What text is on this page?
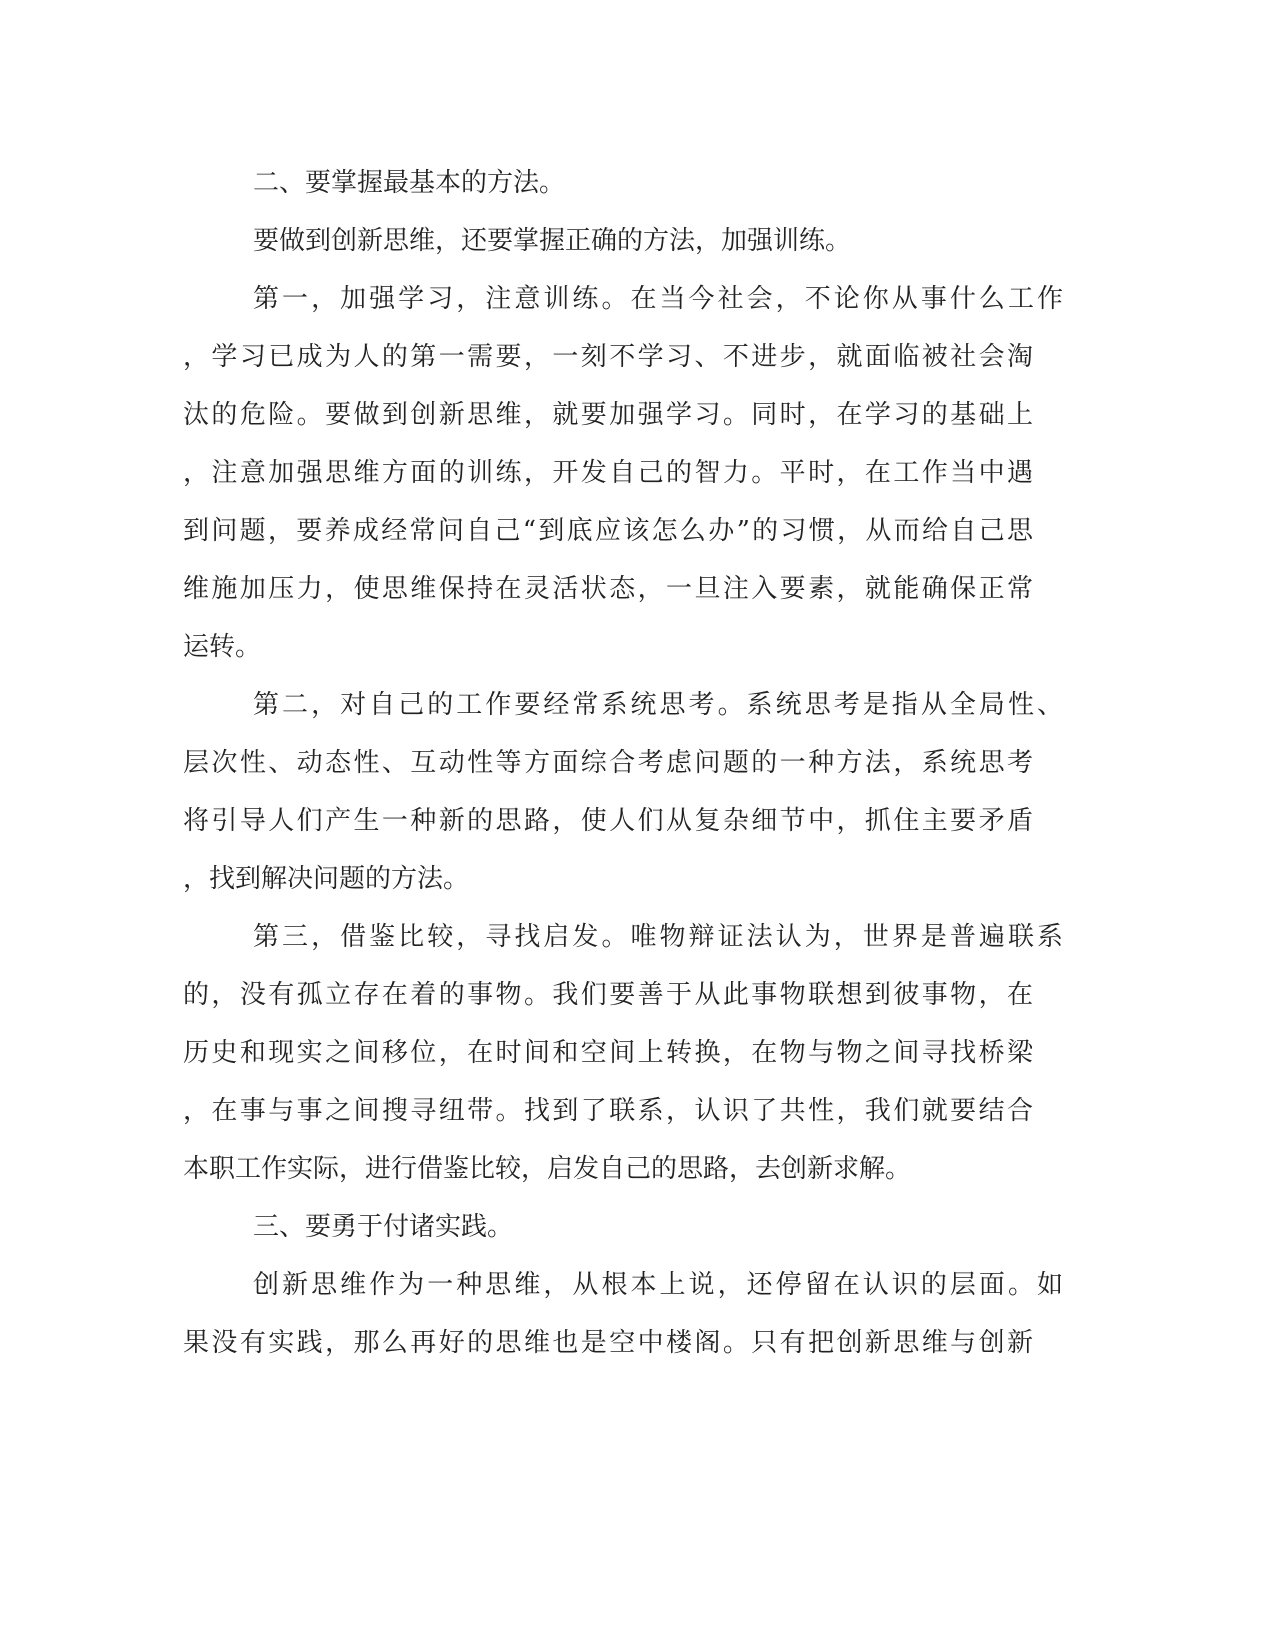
二、要掌握最基本的方法。
要做到创新思维，还要掌握正确的方法，加强训练。
第一，加强学习，注意训练。在当今社会，不论你从事什么工作
，学习已成为人的第一需要，一刻不学习、不进步，就面临被社会淘
汰的危险。要做到创新思维，就要加强学习。同时，在学习的基础上
，注意加强思维方面的训练，开发自己的智力。平时，在工作当中遇
到问题，要养成经常问自己“到底应该怎么办”的习惯，从而给自己思
维施加压力，使思维保持在灵活状态，一旦注入要素，就能确保正常
运转。
第二，对自己的工作要经常系统思考。系统思考是指从全局性、
层次性、动态性、互动性等方面综合考虑问题的一种方法，系统思考
将引导人们产生一种新的思路，使人们从复杂细节中，抓住主要矛盾
，找到解决问题的方法。
第三，借鉴比较，寻找启发。唯物辩证法认为，世界是普遍联系
的，没有孤立存在着的事物。我们要善于从此事物联想到彼事物，在
历史和现实之间移位，在时间和空间上转换，在物与物之间寻找桥梁
，在事与事之间搜寻纽带。找到了联系，认识了共性，我们就要结合
本职工作实际，进行借鉴比较，启发自己的思路，去创新求解。
三、要勇于付诸实践。
创新思维作为一种思维，从根本上说，还停留在认识的层面。如
果没有实践，那么再好的思维也是空中楼阁。只有把创新思维与创新
